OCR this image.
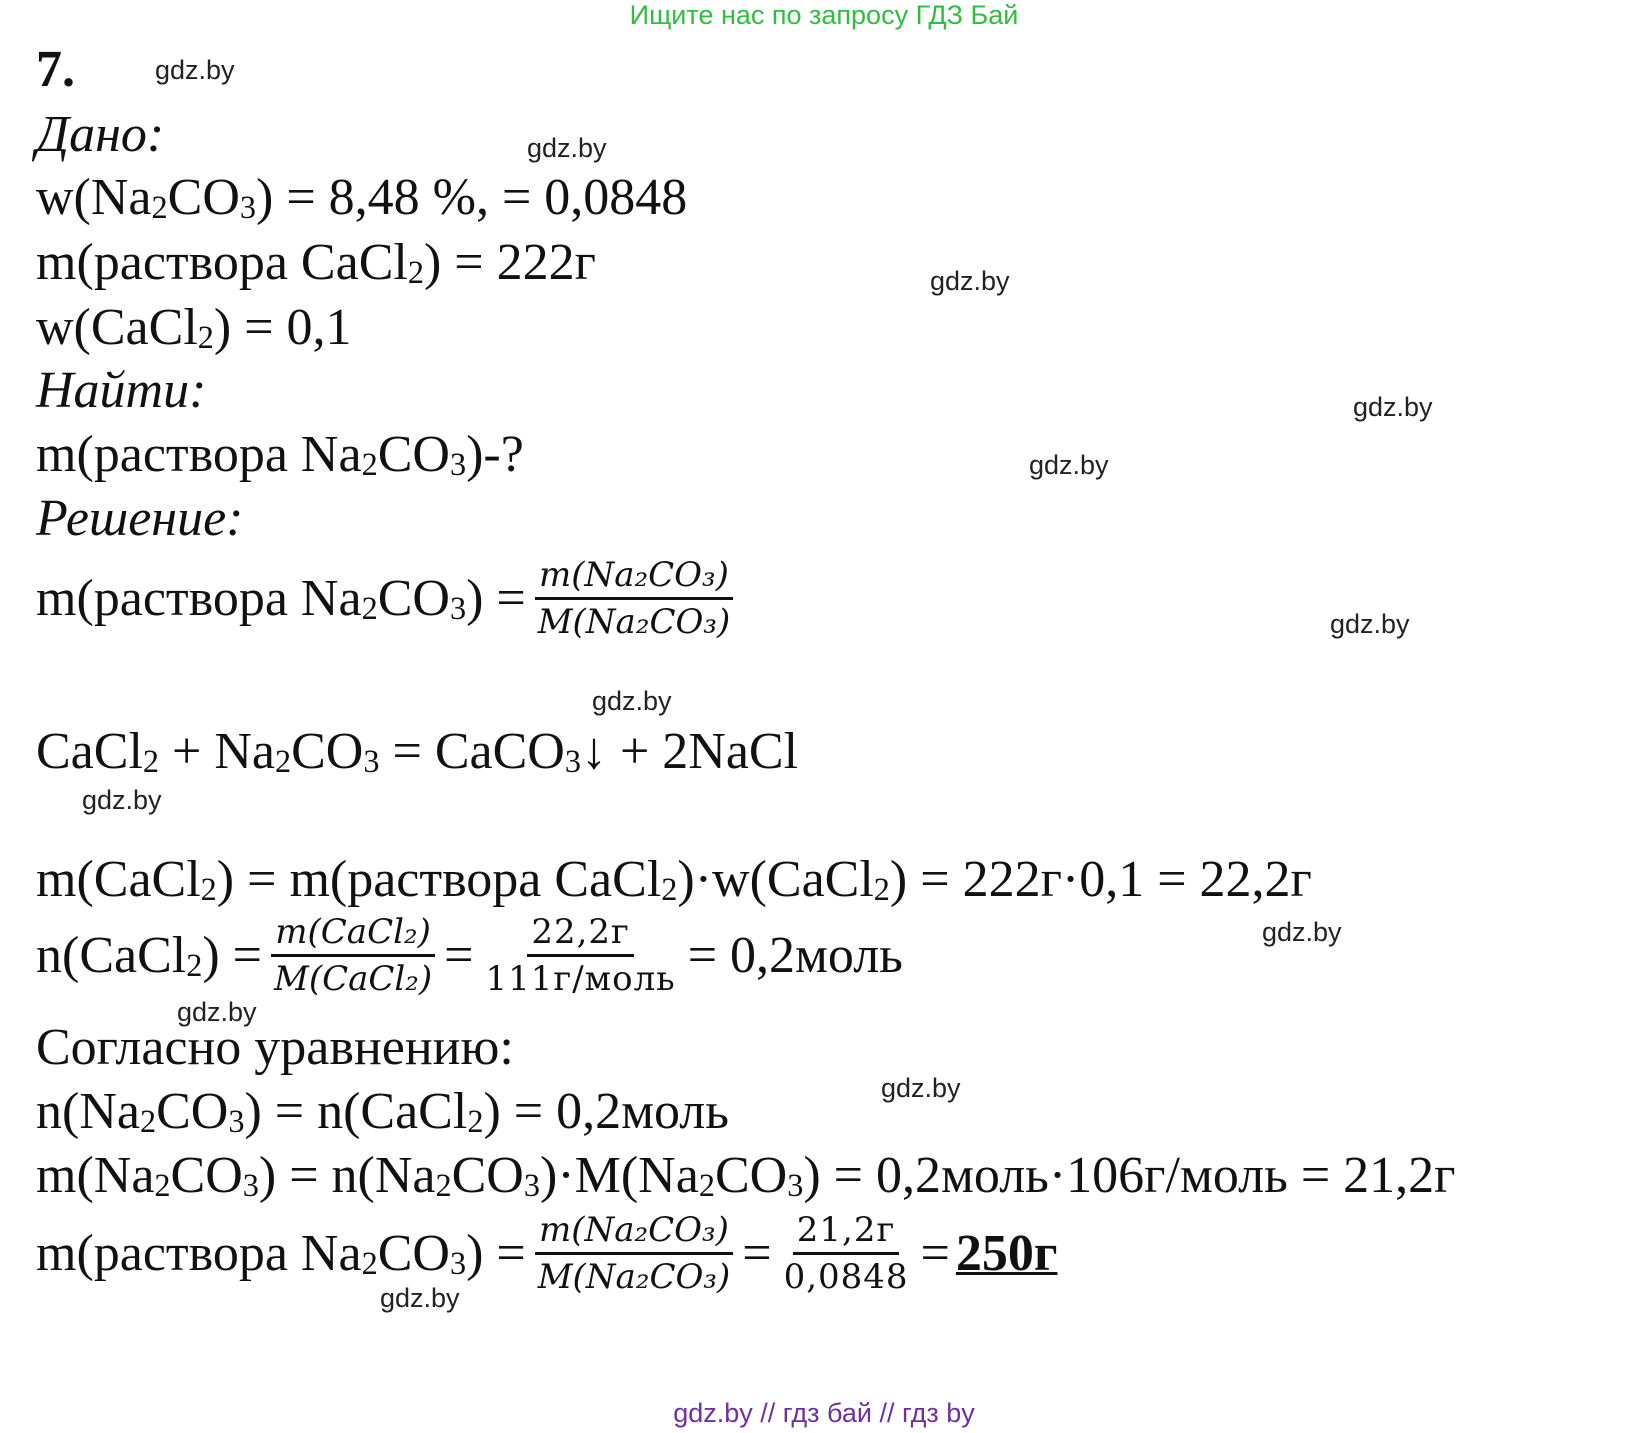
Ищите нас по запросу ГДЗ Бай
7.	gdz.by
gdz.by
gdz.by
gdz.by
gdz.by
gdz.by
gdz.by
gdz.by
gdz.by
gdz.by
gdz.by
gdz.by
Дано:
$w(Na_2CO_3) = 8,48$ %, = 0,0848
m(раствора CaCl$_2$) = 222г
w(CaCl$_2$) = 0,1
Найти:
m(раствора $Na_2CO_3)-$?
Решение:
m(раствора $Na_2CO_3) = \frac{\text{m(Na₂CO₃)}}{\text{M(Na₂CO₃)}}$
CaCl$_2$ + $Na_2CO_3$ = CaCO$_3$↓ + 2NaCl
m(CaCl$_2$) = m(раствора CaCl$_2$)·w(CaCl$_2$) = 222г·0,1 = 22,2г
n(CaCl$_2$) = $\frac{\text{m(CaCl₂)}}{\text{M(CaCl₂)}} = \frac{22,2г}{\text{111г/моль}}$ = 0,2моль
Согласно уравнению:
$n(Na_2CO_3)$ = n(CaCl$_2$) = 0,2моль
$m(Na_2CO_3) = n(Na_2CO_3)\cdot M(Na_2CO_3)$ = 0,2моль·106г/моль = 21,2г
m(раствора $Na_2CO_3) = \frac{\text{m(Na₂CO₃)}}{\text{M(Na₂CO₃)}} = \frac{21,2г}{0,0848} = 250г$
gdz.by // гдз бай // гдз by
